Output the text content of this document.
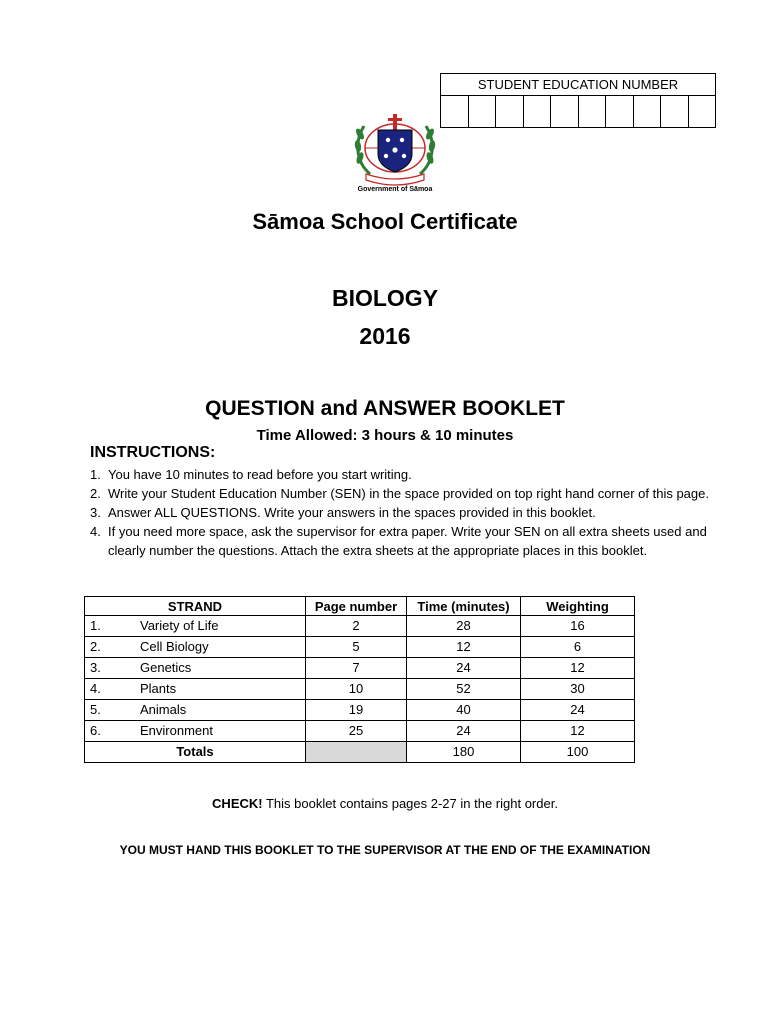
STUDENT EDUCATION NUMBER
Government of Sāmoa
Sāmoa School Certificate
BIOLOGY
2016
QUESTION and ANSWER BOOKLET
Time Allowed: 3 hours & 10 minutes
INSTRUCTIONS:
1. You have 10 minutes to read before you start writing.
2. Write your Student Education Number (SEN) in the space provided on top right hand corner of this page.
3. Answer ALL QUESTIONS. Write your answers in the spaces provided in this booklet.
4. If you need more space, ask the supervisor for extra paper. Write your SEN on all extra sheets used and clearly number the questions. Attach the extra sheets at the appropriate places in this booklet.
STRAND		Page number	Time (minutes)	Weighting
1.	Variety of Life	2	28	16
2.	Cell Biology	5	12	6
3.	Genetics	7	24	12
4.	Plants	10	52	30
5.	Animals	19	40	24
6.	Environment	25	24	12
Totals			180	100
CHECK! This booklet contains pages 2-27 in the right order.
YOU MUST HAND THIS BOOKLET TO THE SUPERVISOR AT THE END OF THE EXAMINATION
